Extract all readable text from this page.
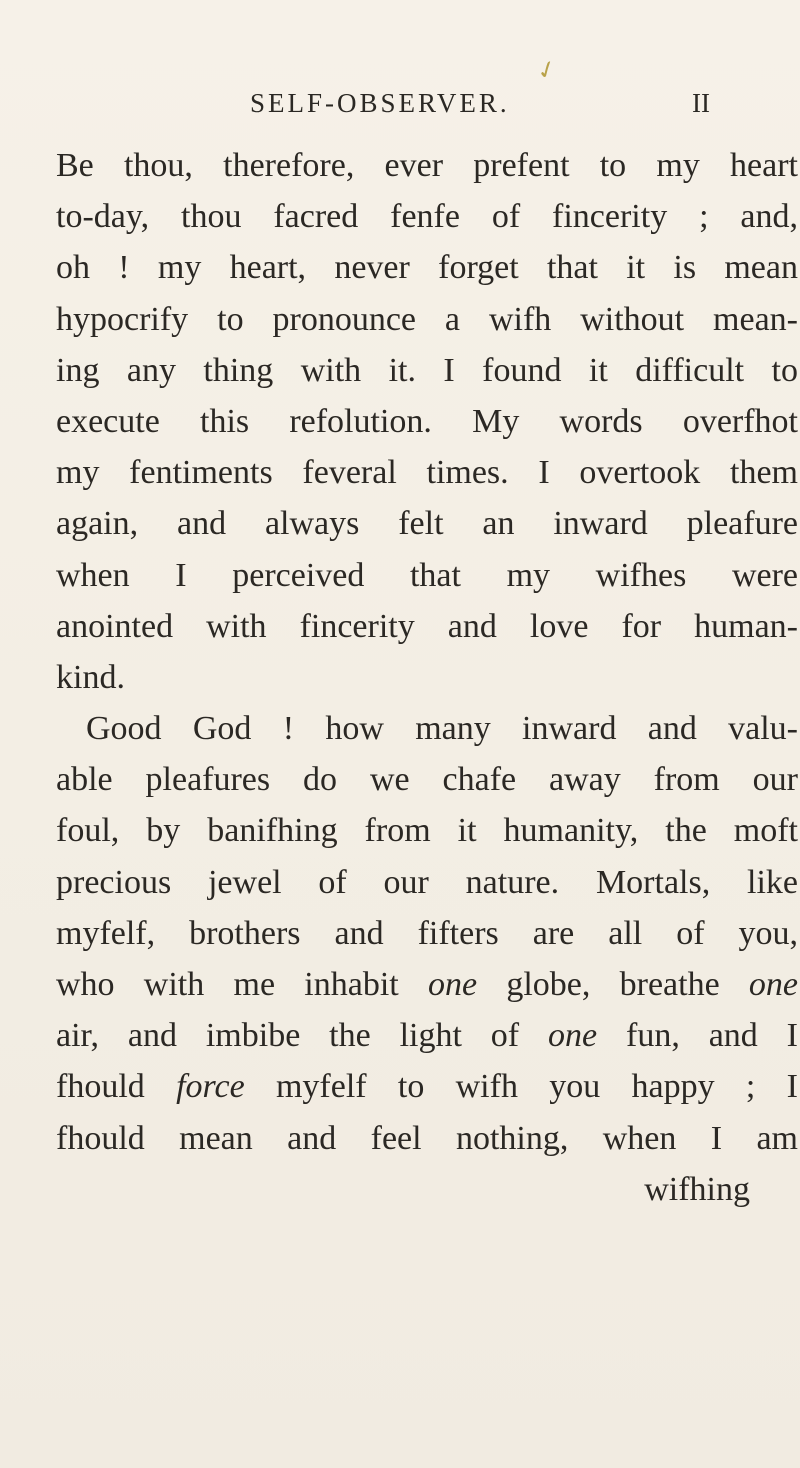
✓
SELF-OBSERVER.	II
Be thou, therefore, ever prefent to my heart
to-day, thou facred fenfe of fincerity ; and,
oh ! my heart, never forget that it is mean
hypocrify to pronounce a wifh without mean-
ing any thing with it. I found it difficult to
execute this refolution. My words overfhot
my fentiments feveral times. I overtook them
again, and always felt an inward pleafure
when I perceived that my wifhes were
anointed with fincerity and love for human-
kind.
Good God ! how many inward and valu-
able pleafures do we chafe away from our
foul, by banifhing from it humanity, the moft
precious jewel of our nature. Mortals, like
myfelf, brothers and fifters are all of you,
who with me inhabit one globe, breathe one
air, and imbibe the light of one fun, and I
fhould force myfelf to wifh you happy ; I
fhould mean and feel nothing, when I am
wifhing
